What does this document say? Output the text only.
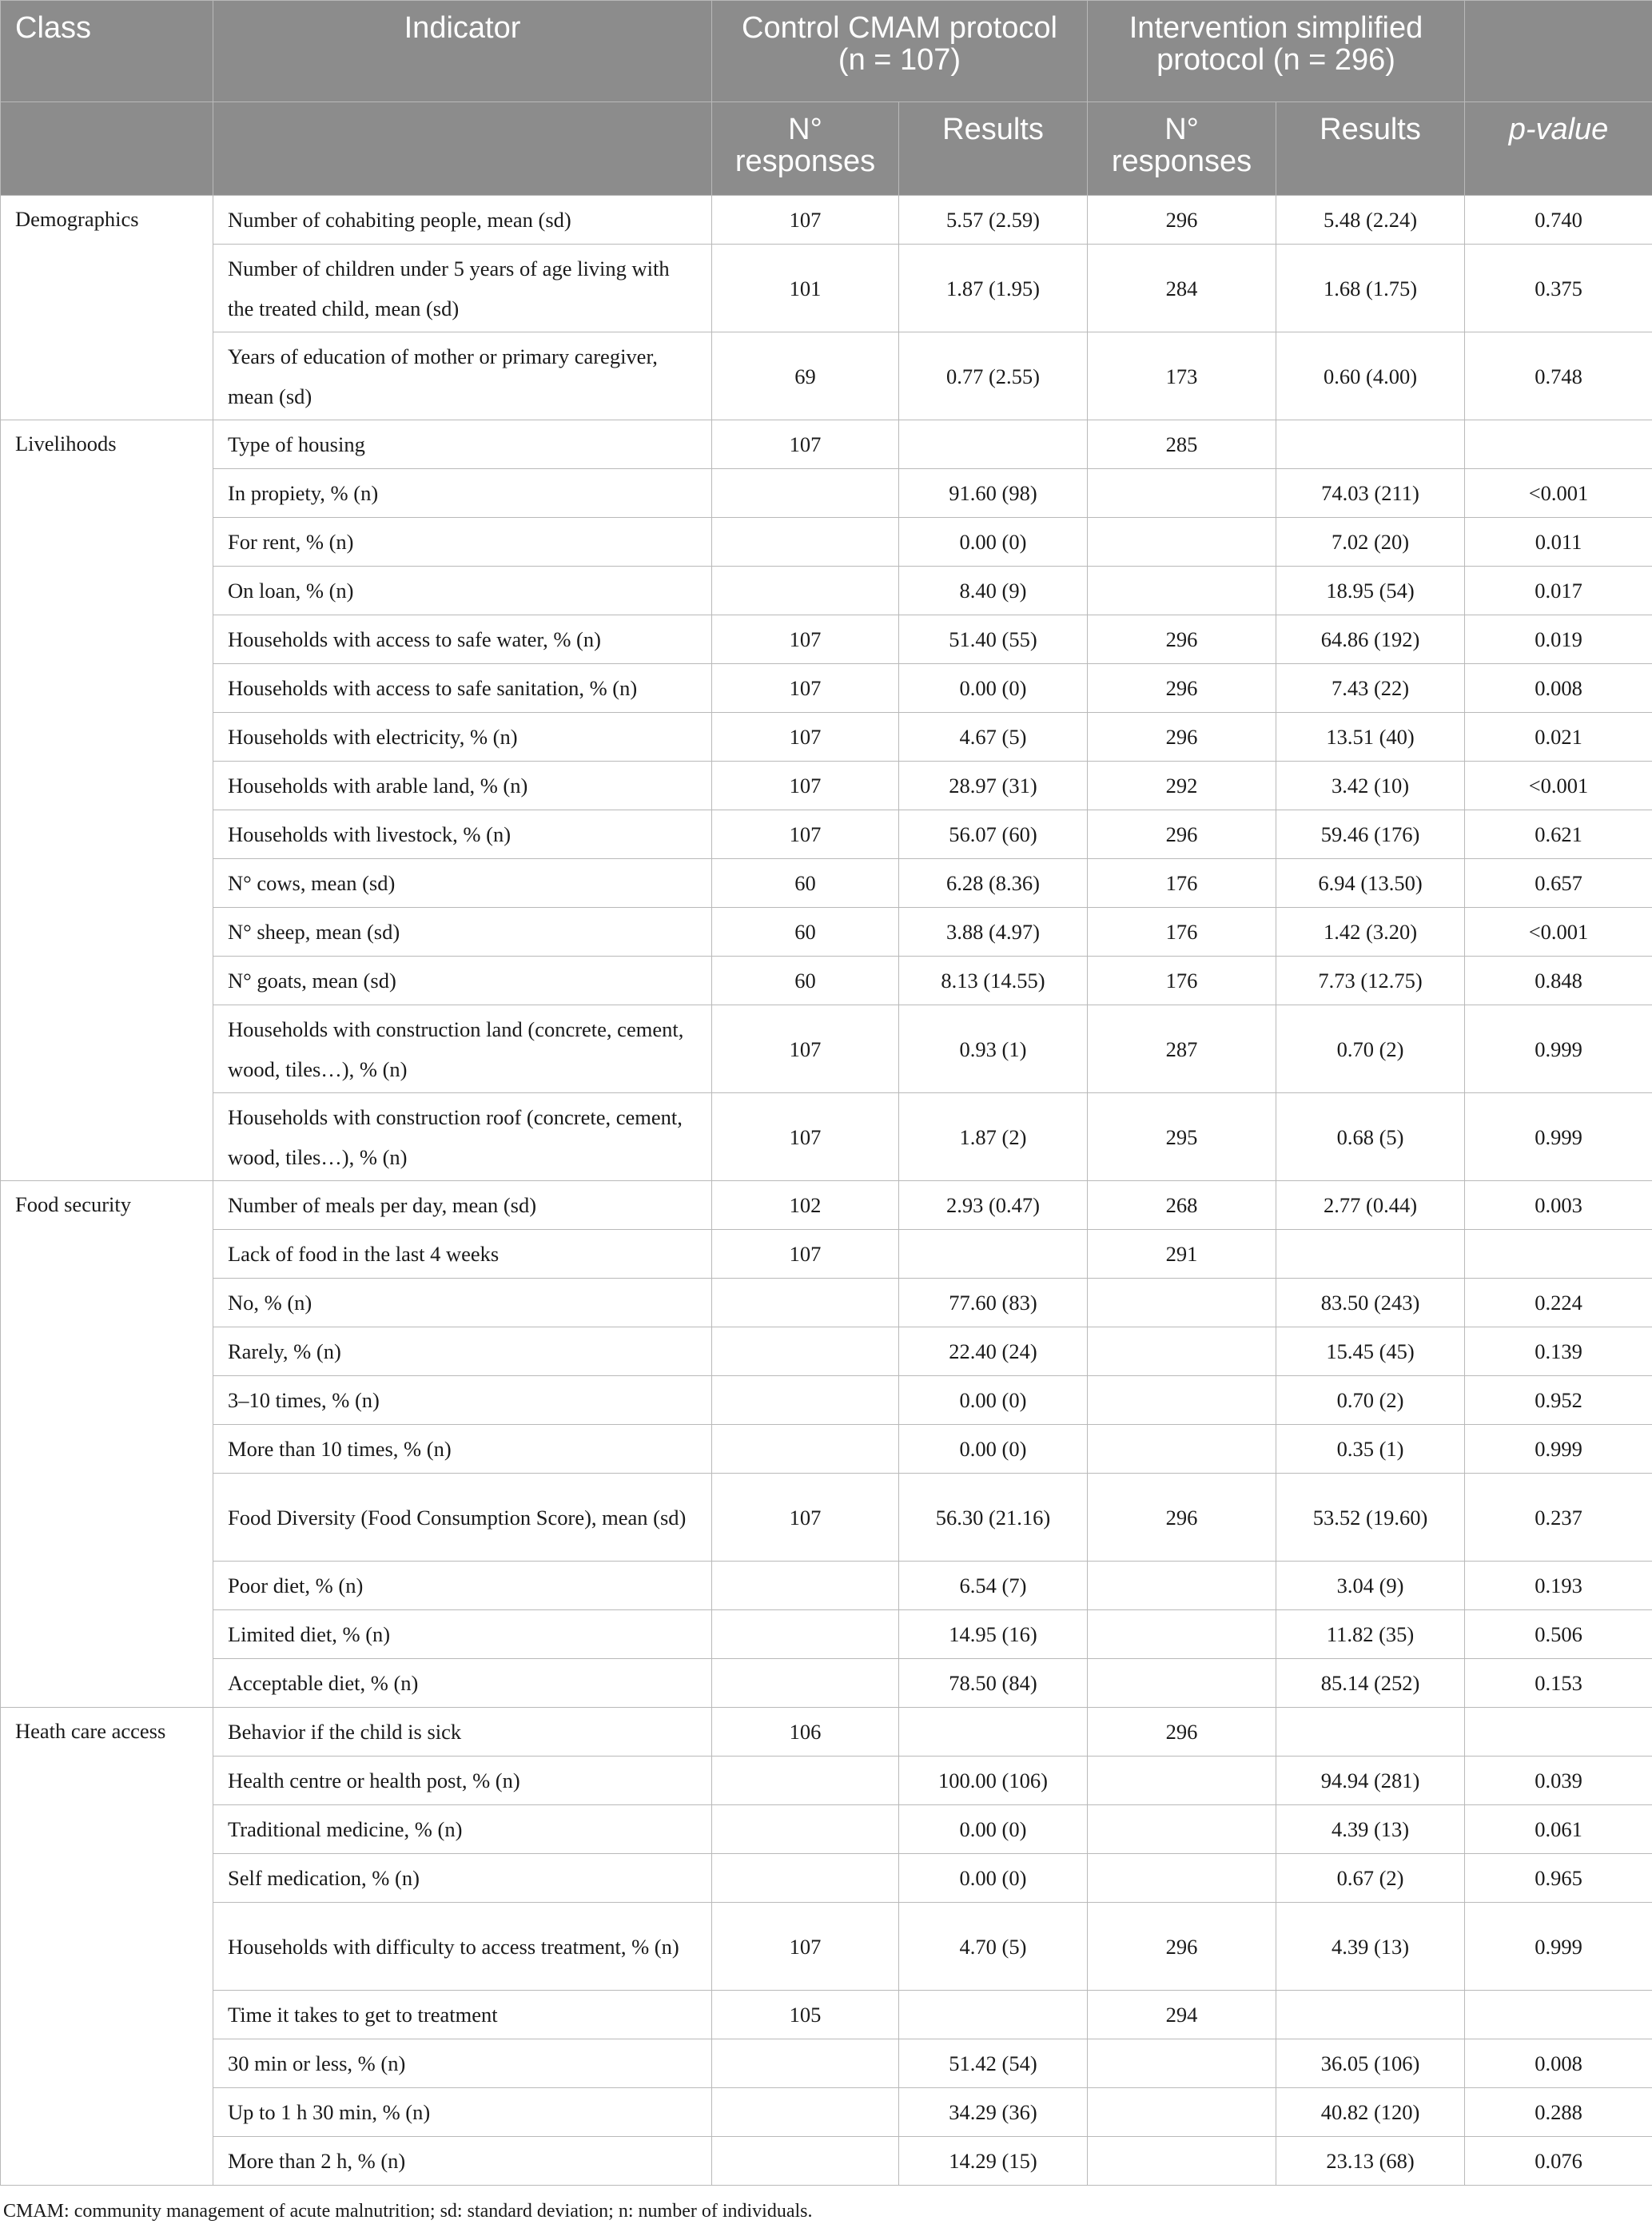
Class	Indicator	Control CMAM protocol (n = 107)		Intervention simplified protocol (n = 296)		
		N° responses	Results	N° responses	Results	p-value
Demographics	Number of cohabiting people, mean (sd)	107	5.57 (2.59)	296	5.48 (2.24)	0.740
	Number of children under 5 years of age living with the treated child, mean (sd)	101	1.87 (1.95)	284	1.68 (1.75)	0.375
	Years of education of mother or primary caregiver, mean (sd)	69	0.77 (2.55)	173	0.60 (4.00)	0.748
Livelihoods	Type of housing	107		285		
	In propiety, % (n)		91.60 (98)		74.03 (211)	<0.001
	For rent, % (n)		0.00 (0)		7.02 (20)	0.011
	On loan, % (n)		8.40 (9)		18.95 (54)	0.017
	Households with access to safe water, % (n)	107	51.40 (55)	296	64.86 (192)	0.019
	Households with access to safe sanitation, % (n)	107	0.00 (0)	296	7.43 (22)	0.008
	Households with electricity, % (n)	107	4.67 (5)	296	13.51 (40)	0.021
	Households with arable land, % (n)	107	28.97 (31)	292	3.42 (10)	<0.001
	Households with livestock, % (n)	107	56.07 (60)	296	59.46 (176)	0.621
	N° cows, mean (sd)	60	6.28 (8.36)	176	6.94 (13.50)	0.657
	N° sheep, mean (sd)	60	3.88 (4.97)	176	1.42 (3.20)	<0.001
	N° goats, mean (sd)	60	8.13 (14.55)	176	7.73 (12.75)	0.848
	Households with construction land (concrete, cement, wood, tiles…), % (n)	107	0.93 (1)	287	0.70 (2)	0.999
	Households with construction roof (concrete, cement, wood, tiles…), % (n)	107	1.87 (2)	295	0.68 (5)	0.999
Food security	Number of meals per day, mean (sd)	102	2.93 (0.47)	268	2.77 (0.44)	0.003
	Lack of food in the last 4 weeks	107		291		
	No, % (n)		77.60 (83)		83.50 (243)	0.224
	Rarely, % (n)		22.40 (24)		15.45 (45)	0.139
	3–10 times, % (n)		0.00 (0)		0.70 (2)	0.952
	More than 10 times, % (n)		0.00 (0)		0.35 (1)	0.999
	Food Diversity (Food Consumption Score), mean (sd)	107	56.30 (21.16)	296	53.52 (19.60)	0.237
	Poor diet, % (n)		6.54 (7)		3.04 (9)	0.193
	Limited diet, % (n)		14.95 (16)		11.82 (35)	0.506
	Acceptable diet, % (n)		78.50 (84)		85.14 (252)	0.153
Heath care access	Behavior if the child is sick	106		296		
	Health centre or health post, % (n)		100.00 (106)		94.94 (281)	0.039
	Traditional medicine, % (n)		0.00 (0)		4.39 (13)	0.061
	Self medication, % (n)		0.00 (0)		0.67 (2)	0.965
	Households with difficulty to access treatment, % (n)	107	4.70 (5)	296	4.39 (13)	0.999
	Time it takes to get to treatment	105		294		
	30 min or less, % (n)		51.42 (54)		36.05 (106)	0.008
	Up to 1 h 30 min, % (n)		34.29 (36)		40.82 (120)	0.288
	More than 2 h, % (n)		14.29 (15)		23.13 (68)	0.076
CMAM: community management of acute malnutrition; sd: standard deviation; n: number of individuals.
